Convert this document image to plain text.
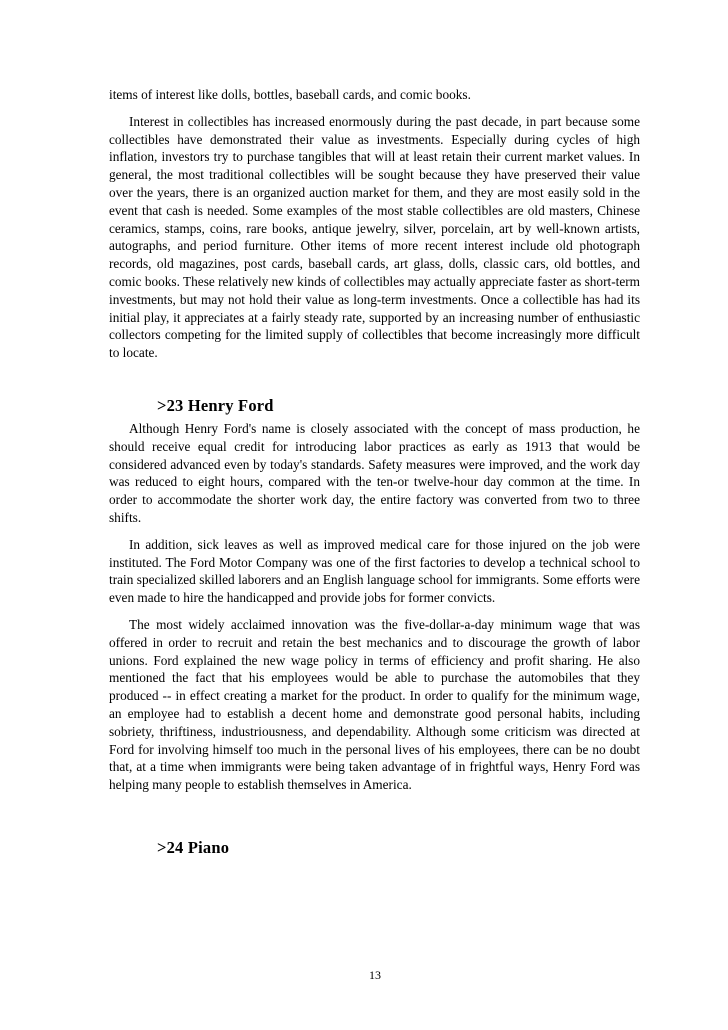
items of interest like dolls, bottles, baseball cards, and comic books.

Interest in collectibles has increased enormously during the past decade, in part because some collectibles have demonstrated their value as investments. Especially during cycles of high inflation, investors try to purchase tangibles that will at least retain their current market values. In general, the most traditional collectibles will be sought because they have preserved their value over the years, there is an organized auction market for them, and they are most easily sold in the event that cash is needed. Some examples of the most stable collectibles are old masters, Chinese ceramics, stamps, coins, rare books, antique jewelry, silver, porcelain, art by well-known artists, autographs, and period furniture. Other items of more recent interest include old photograph records, old magazines, post cards, baseball cards, art glass, dolls, classic cars, old bottles, and comic books. These relatively new kinds of collectibles may actually appreciate faster as short-term investments, but may not hold their value as long-term investments. Once a collectible has had its initial play, it appreciates at a fairly steady rate, supported by an increasing number of enthusiastic collectors competing for the limited supply of collectibles that become increasingly more difficult to locate.

>23 Henry Ford

Although Henry Ford's name is closely associated with the concept of mass production, he should receive equal credit for introducing labor practices as early as 1913 that would be considered advanced even by today's standards. Safety measures were improved, and the work day was reduced to eight hours, compared with the ten-or twelve-hour day common at the time. In order to accommodate the shorter work day, the entire factory was converted from two to three shifts.

In addition, sick leaves as well as improved medical care for those injured on the job were instituted. The Ford Motor Company was one of the first factories to develop a technical school to train specialized skilled laborers and an English language school for immigrants. Some efforts were even made to hire the handicapped and provide jobs for former convicts.

The most widely acclaimed innovation was the five-dollar-a-day minimum wage that was offered in order to recruit and retain the best mechanics and to discourage the growth of labor unions. Ford explained the new wage policy in terms of efficiency and profit sharing. He also mentioned the fact that his employees would be able to purchase the automobiles that they produced -- in effect creating a market for the product. In order to qualify for the minimum wage, an employee had to establish a decent home and demonstrate good personal habits, including sobriety, thriftiness, industriousness, and dependability. Although some criticism was directed at Ford for involving himself too much in the personal lives of his employees, there can be no doubt that, at a time when immigrants were being taken advantage of in frightful ways, Henry Ford was helping many people to establish themselves in America.

>24 Piano
13
